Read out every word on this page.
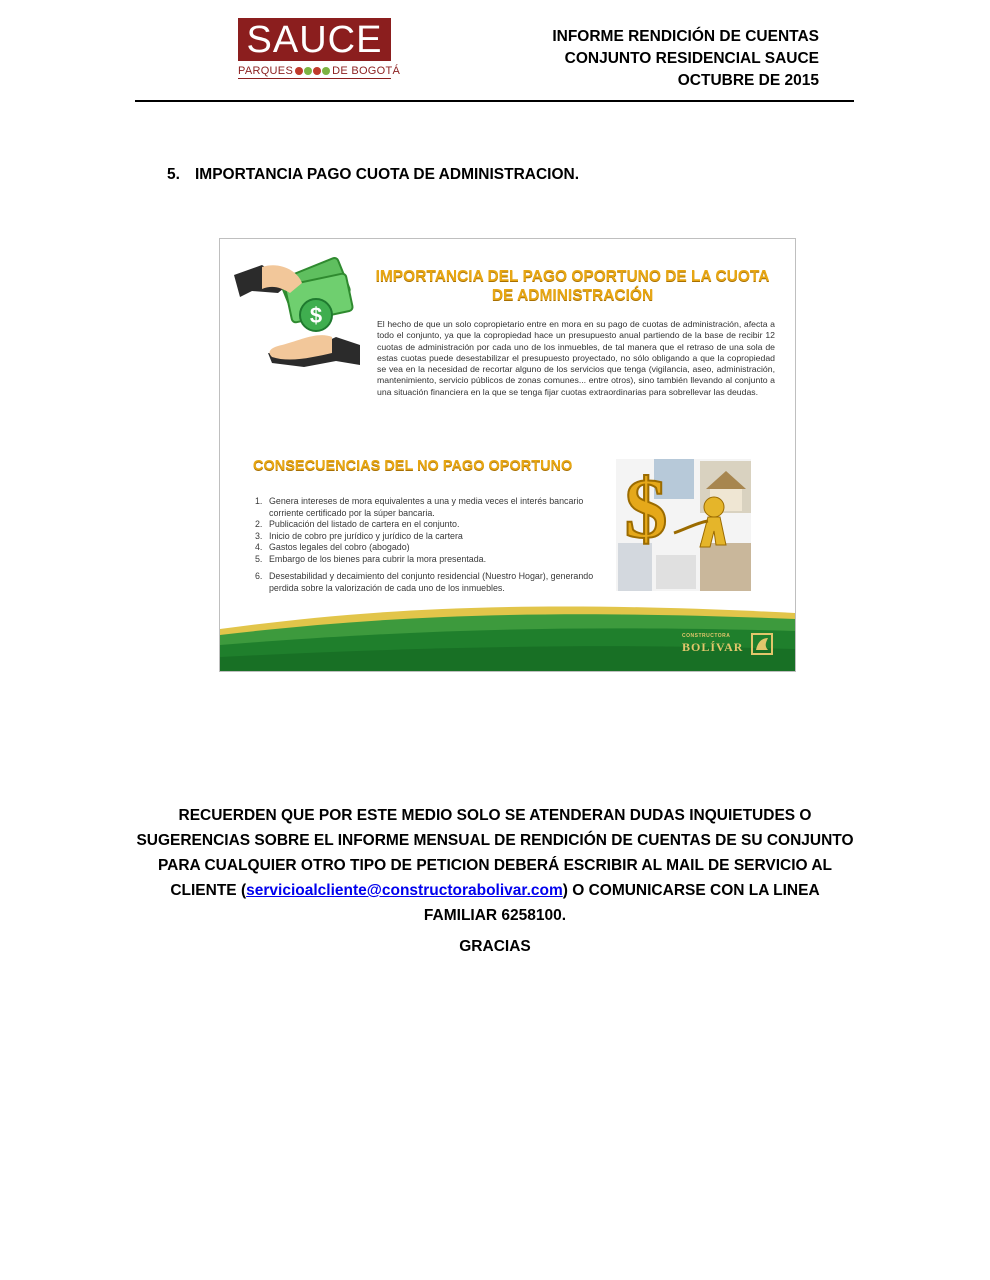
SAUCE
PARQUES	DE BOGOTÁ
INFORME RENDICIÓN DE CUENTAS
CONJUNTO RESIDENCIAL SAUCE
OCTUBRE DE 2015
5. IMPORTANCIA PAGO CUOTA DE ADMINISTRACION.
$
IMPORTANCIA DEL PAGO OPORTUNO DE LA CUOTA
DE ADMINISTRACIÓN
El hecho de que un solo copropietario entre en mora en su pago de cuotas de administración, afecta a todo el conjunto, ya que la copropiedad hace un presupuesto anual partiendo de la base de recibir 12 cuotas de administración por cada uno de los inmuebles, de tal manera que el retraso de una sola de estas cuotas puede desestabilizar el presupuesto proyectado, no sólo obligando a que la copropiedad se vea en la necesidad de recortar alguno de los servicios que tenga (vigilancia, aseo, administración, mantenimiento, servicio públicos de zonas comunes... entre otros), sino también llevando al conjunto a una situación financiera en la que se tenga fijar cuotas extraordinarias para sobrellevar las deudas.
CONSECUENCIAS DEL NO PAGO OPORTUNO
1. Genera intereses de mora equivalentes a una y media veces el interés bancario corriente certificado por la súper bancaria.
2. Publicación del listado de cartera en el conjunto.
3. Inicio de cobro pre jurídico y jurídico de la cartera
4. Gastos legales del cobro (abogado)
5. Embargo de los bienes para cubrir la mora presentada.
6. Desestabilidad y decaimiento del conjunto residencial (Nuestro Hogar), generando perdida sobre la valorización de cada uno de los inmuebles.
$
CONSTRUCTORA
BOLÍVAR
RECUERDEN QUE POR ESTE MEDIO SOLO SE ATENDERAN DUDAS INQUIETUDES O SUGERENCIAS SOBRE EL INFORME MENSUAL DE RENDICIÓN DE CUENTAS DE SU CONJUNTO PARA CUALQUIER OTRO TIPO DE PETICION DEBERÁ ESCRIBIR AL MAIL DE SERVICIO AL CLIENTE (servicioalcliente@constructorabolivar.com) O COMUNICARSE CON LA LINEA FAMILIAR 6258100.
GRACIAS
